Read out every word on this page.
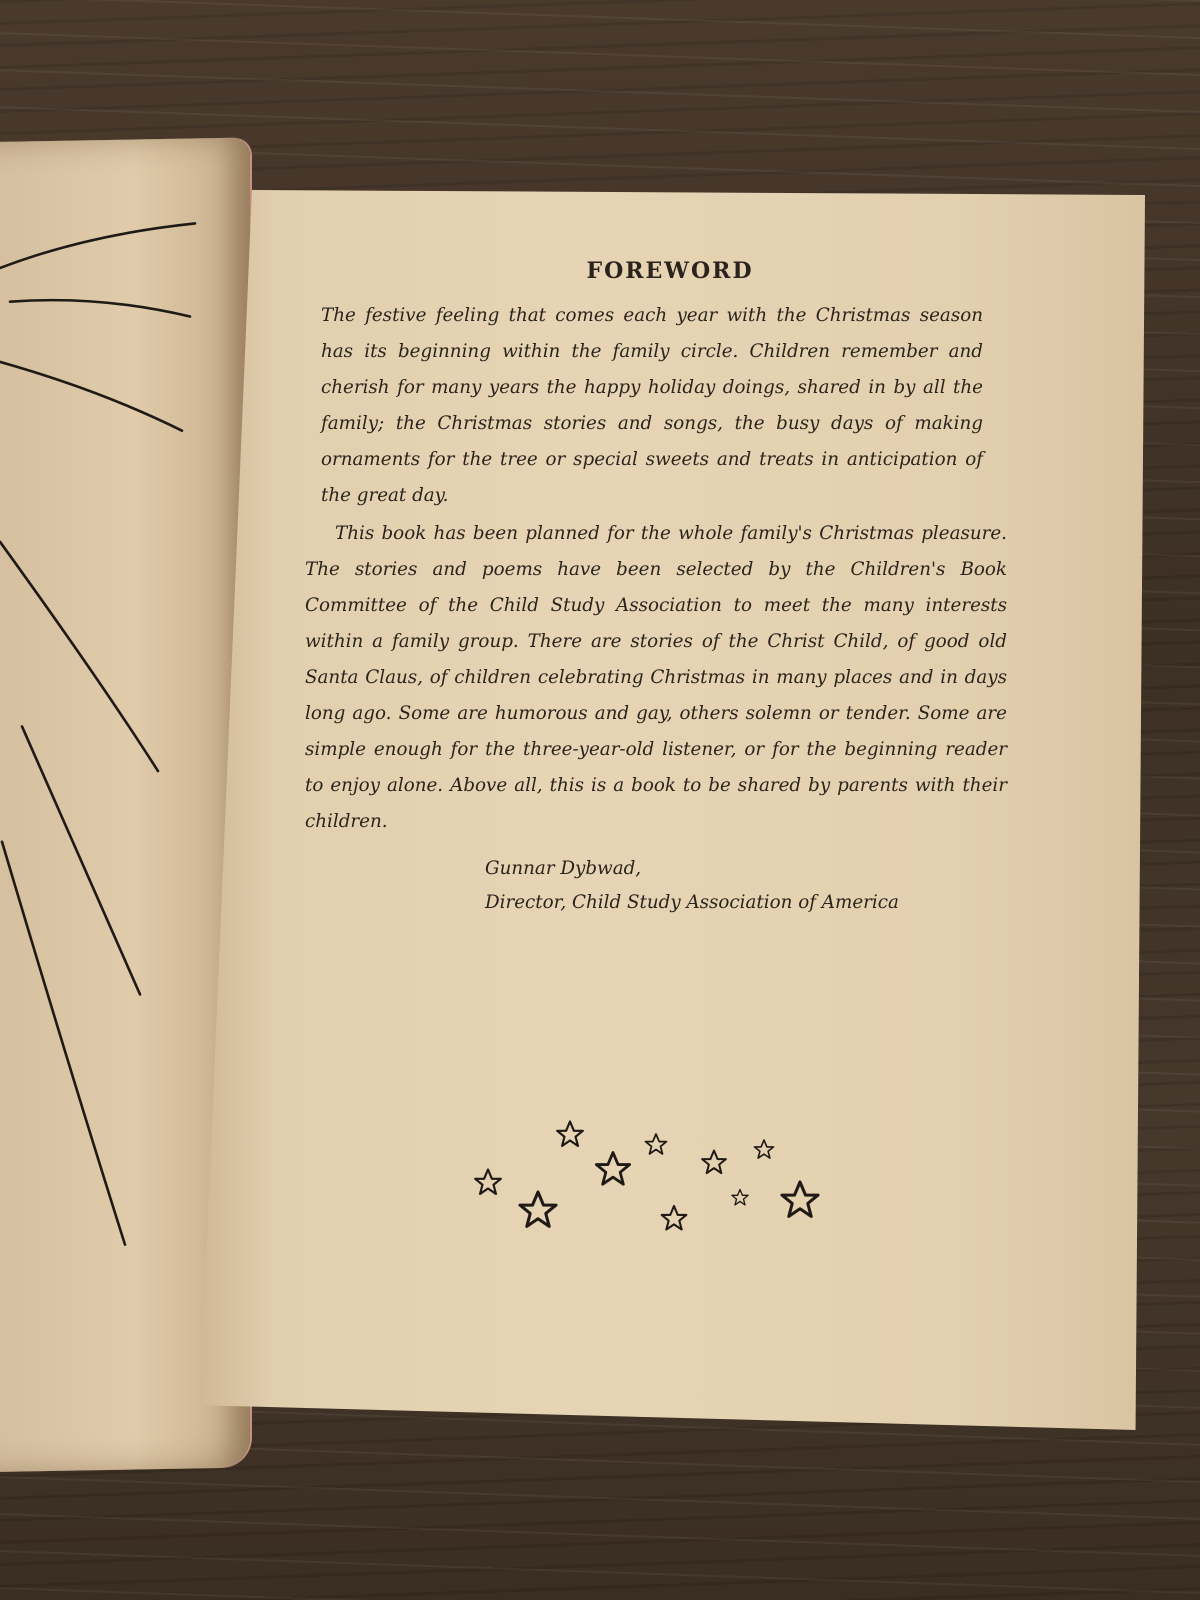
FOREWORD

The festive feeling that comes each year with the Christmas season has its beginning within the family circle. Children remember and cherish for many years the happy holiday doings, shared in by all the family; the Christmas stories and songs, the busy days of making ornaments for the tree or special sweets and treats in anticipation of the great day.

This book has been planned for the whole family's Christmas pleasure. The stories and poems have been selected by the Children's Book Committee of the Child Study Association to meet the many interests within a family group. There are stories of the Christ Child, of good old Santa Claus, of children celebrating Christmas in many places and in days long ago. Some are humorous and gay, others solemn or tender. Some are simple enough for the three-year-old listener, or for the beginning reader to enjoy alone. Above all, this is a book to be shared by parents with their children.

Gunnar Dybwad,
Director, Child Study Association of America
